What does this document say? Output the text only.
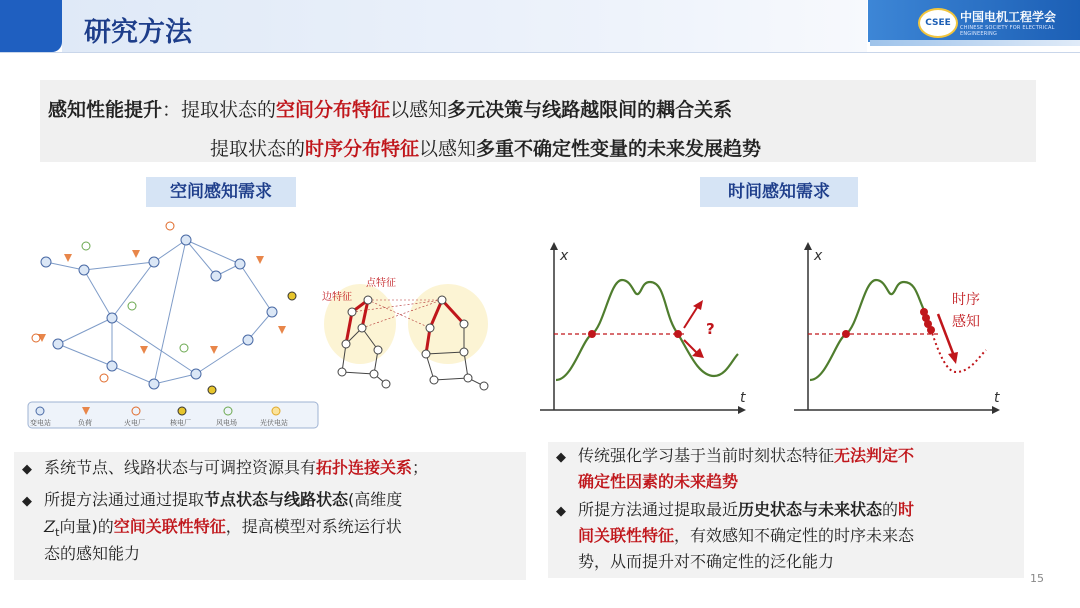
研究方法	CSEE 中国电机工程学会
CHINESE SOCIETY FOR ELECTRICAL ENGINEERING
感知性能提升：提取状态的空间分布特征以感知多元决策与线路越限间的耦合关系
提取状态的时序分布特征以感知多重不确定性变量的未来发展趋势
空间感知需求	时间感知需求
变电站	负荷	火电厂	核电厂	风电场	光伏电站
点特征
边特征
x
t
?
x
t
时序
感知
◆ 系统节点、线路状态与可调控资源具有拓扑连接关系；
◆ 所提方法通过通过提取节点状态与线路状态(高维度
$Z_t$向量)的空间关联性特征，提高模型对系统运行状
态的感知能力
◆ 传统强化学习基于当前时刻状态特征无法判定不
确定性因素的未来趋势
◆ 所提方法通过提取最近历史状态与未来状态的时
间关联性特征，有效感知不确定性的时序未来态
势，从而提升对不确定性的泛化能力
15
